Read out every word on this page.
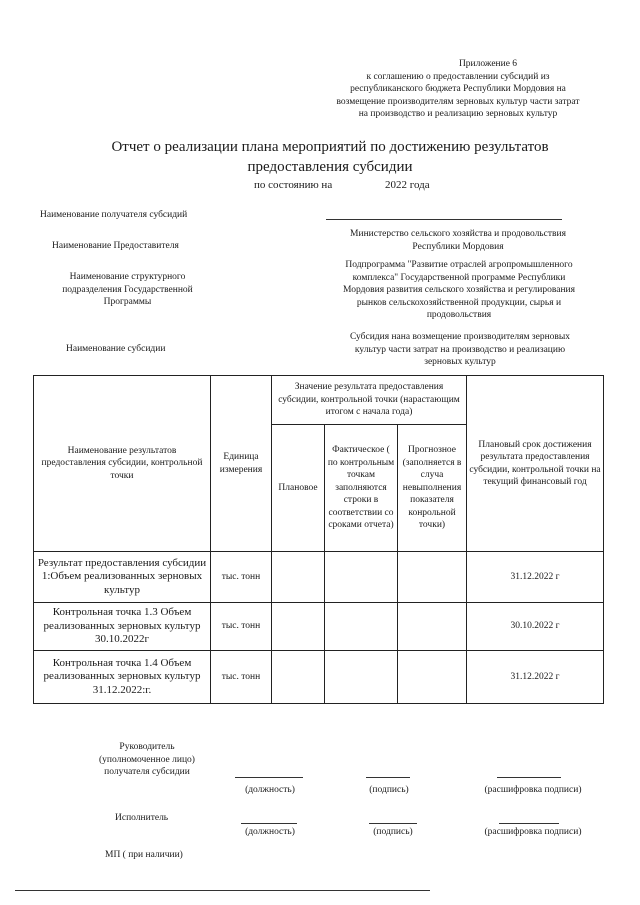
Приложение 6
к соглашению о предоставлении субсидий из
республиканского бюджета Республики Мордовия на
возмещение производителям зерновых культур части затрат
на производство и реализацию зерновых культур
Отчет о реализации плана мероприятий по достижению результатов
предоставления субсидии
по состоянию на	2022 года
Наименование получателя субсидий
Наименование Предоставителя
Министерство сельского хозяйства и продовольствия
Республики Мордовия
Наименование структурного
подразделения Государственной
Программы
Подпрограмма "Развитие отраслей агропромышленного
комплекса" Государственной программе Республики
Мордовия развития сельского хозяйства и регулирования
рынков сельскохозяйственной продукции, сырья и
продовольствия
Наименование субсидии
Субсидия нана возмещение производителям зерновых
культур части затрат на производство и реализацию
зерновых культур
Наименование результатов предоставления субсидии, контрольной точки	Единица измерения	Значение результата предоставления субсидии, контрольной точки (нарастающим итогом с начала года)			Плановый срок достижения результата предоставления субсидии, контрольной точки на текущий финансовый год
		Плановое	Фактическое ( по контрольным точкам заполняются строки в соответствии со сроками отчета)	Прогнозное (заполняется в случа невыполнения показателя конрольной точки)	
Результат предоставления субсидии 1:Объем реализованных зерновых культур	тыс. тонн				31.12.2022 г
Контрольная точка 1.3 Объем реализованных зерновых культур 30.10.2022г	тыс. тонн				30.10.2022 г
Контрольная точка 1.4 Объем реализованных зерновых культур 31.12.2022:г.	тыс. тонн				31.12.2022 г
Руководитель
(уполномоченное лицо)
получателя субсидии
(должность)	(подпись)	(расшифровка подписи)
Исполнитель
(должность)	(подпись)	(расшифровка подписи)
МП ( при наличии)
